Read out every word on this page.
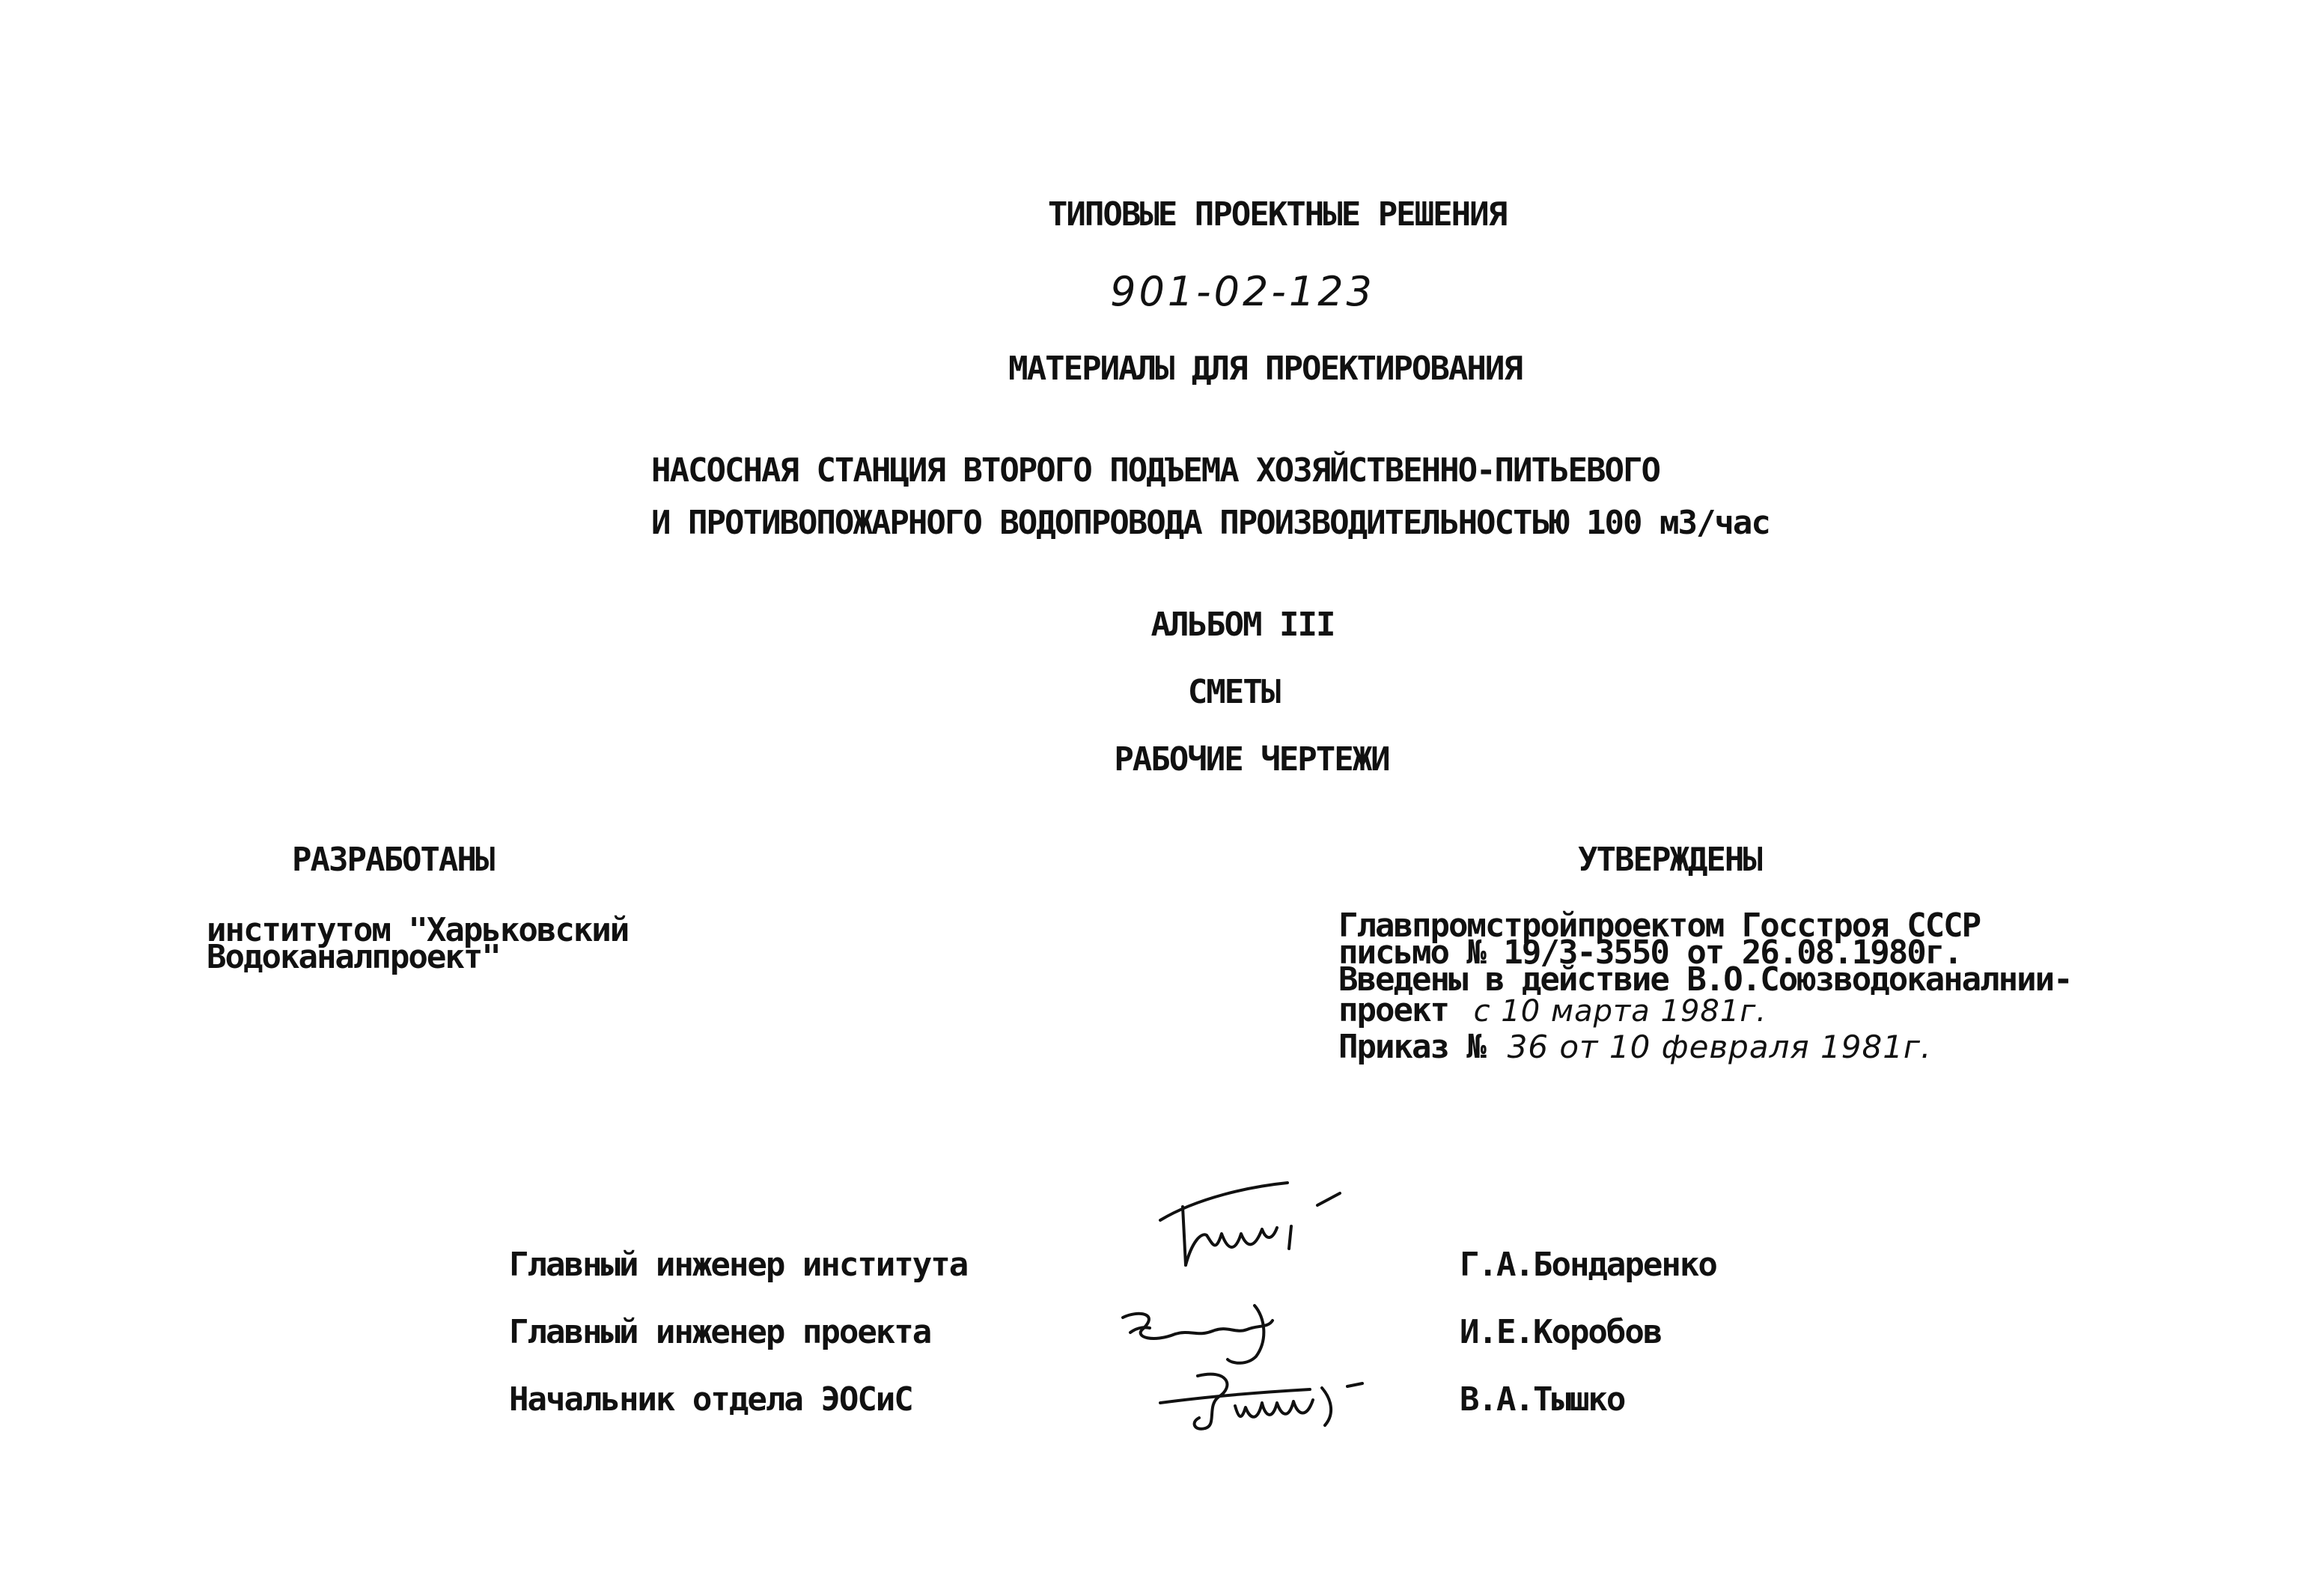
ТИПОВЫЕ ПРОЕКТНЫЕ РЕШЕНИЯ
901-02-123
МАТЕРИАЛЫ ДЛЯ ПРОЕКТИРОВАНИЯ
НАСОСНАЯ СТАНЦИЯ ВТОРОГО ПОДЪЕМА ХОЗЯЙСТВЕННО-ПИТЬЕВОГО
И ПРОТИВОПОЖАРНОГО ВОДОПРОВОДА ПРОИЗВОДИТЕЛЬНОСТЬЮ 100 м3/час
АЛЬБОМ III
СМЕТЫ
РАБОЧИЕ ЧЕРТЕЖИ
РАЗРАБОТАНЫ
институтом "Харьковский
Водоканалпроект"
УТВЕРЖДЕНЫ
Главпромстройпроектом Госстроя СССР
письмо № 19/3-3550 от 26.08.1980г.
Введены в действие В.О.Союзводоканалнии-
проект с 10 марта 1981г.
Приказ № 36 от 10 февраля 1981г.
Главный инженер института	Г.А.Бондаренко
Главный инженер проекта	И.Е.Коробов
Начальник отдела ЭОСиС	В.А.Тышко
